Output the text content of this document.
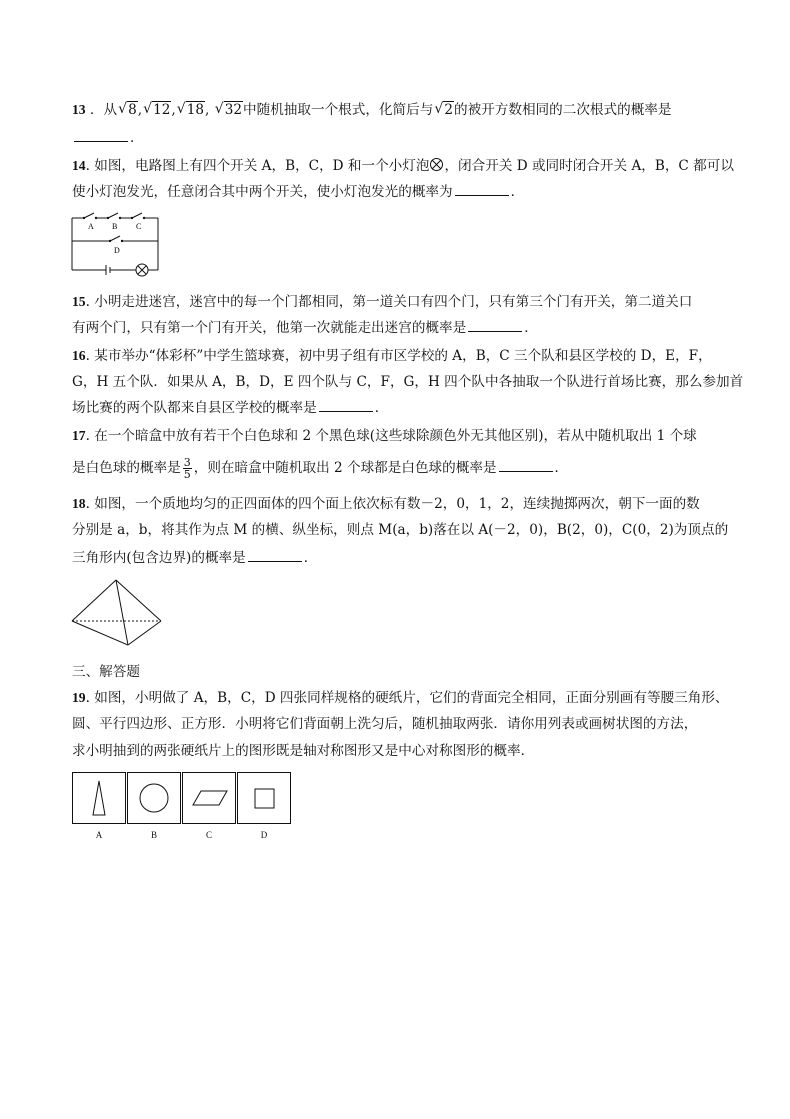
13 ．从 √ 8, √ 12, √ 18, √ 32中随机抽取一个根式，化简后与 √ 2的被开方数相同的二次根式的概率是
．
14. 如图，电路图上有四个开关 A，B，C，D 和一个小灯泡 ，闭合开关 D 或同时闭合开关 A，B，C 都可以
使小灯泡发光，任意闭合其中两个开关，使小灯泡发光的概率为	．
A B C
D
15. 小明走进迷宫，迷宫中的每一个门都相同，第一道关口有四个门，只有第三个门有开关，第二道关口
有两个门，只有第一个门有开关，他第一次就能走出迷宫的概率是	．
16. 某市举办“体彩杯”中学生篮球赛，初中男子组有市区学校的 A，B，C 三个队和县区学校的 D，E，F，
G，H 五个队．如果从 A，B，D，E 四个队与 C，F，G，H 四个队中各抽取一个队进行首场比赛，那么参加首
场比赛的两个队都来自县区学校的概率是	．
17. 在一个暗盒中放有若干个白色球和 2 个黑色球(这些球除颜色外无其他区别)，若从中随机取出 1 个球
是白色球的概率是 $\frac{3}{5}$ ，则在暗盒中随机取出 2 个球都是白色球的概率是	．
18. 如图，一个质地均匀的正四面体的四个面上依次标有数－2，0，1，2，连续抛掷两次，朝下一面的数
分别是 a，b，将其作为点 M 的横、纵坐标，则点 M(a，b)落在以 A(－2，0)，B(2，0)，C(0，2)为顶点的
三角形内(包含边界)的概率是	．
三、解答题
19. 如图，小明做了 A，B，C，D 四张同样规格的硬纸片，它们的背面完全相同，正面分别画有等腰三角形、
圆、平行四边形、正方形．小明将它们背面朝上洗匀后，随机抽取两张．请你用列表或画树状图的方法，
求小明抽到的两张硬纸片上的图形既是轴对称图形又是中心对称图形的概率．
A	B	C	D
